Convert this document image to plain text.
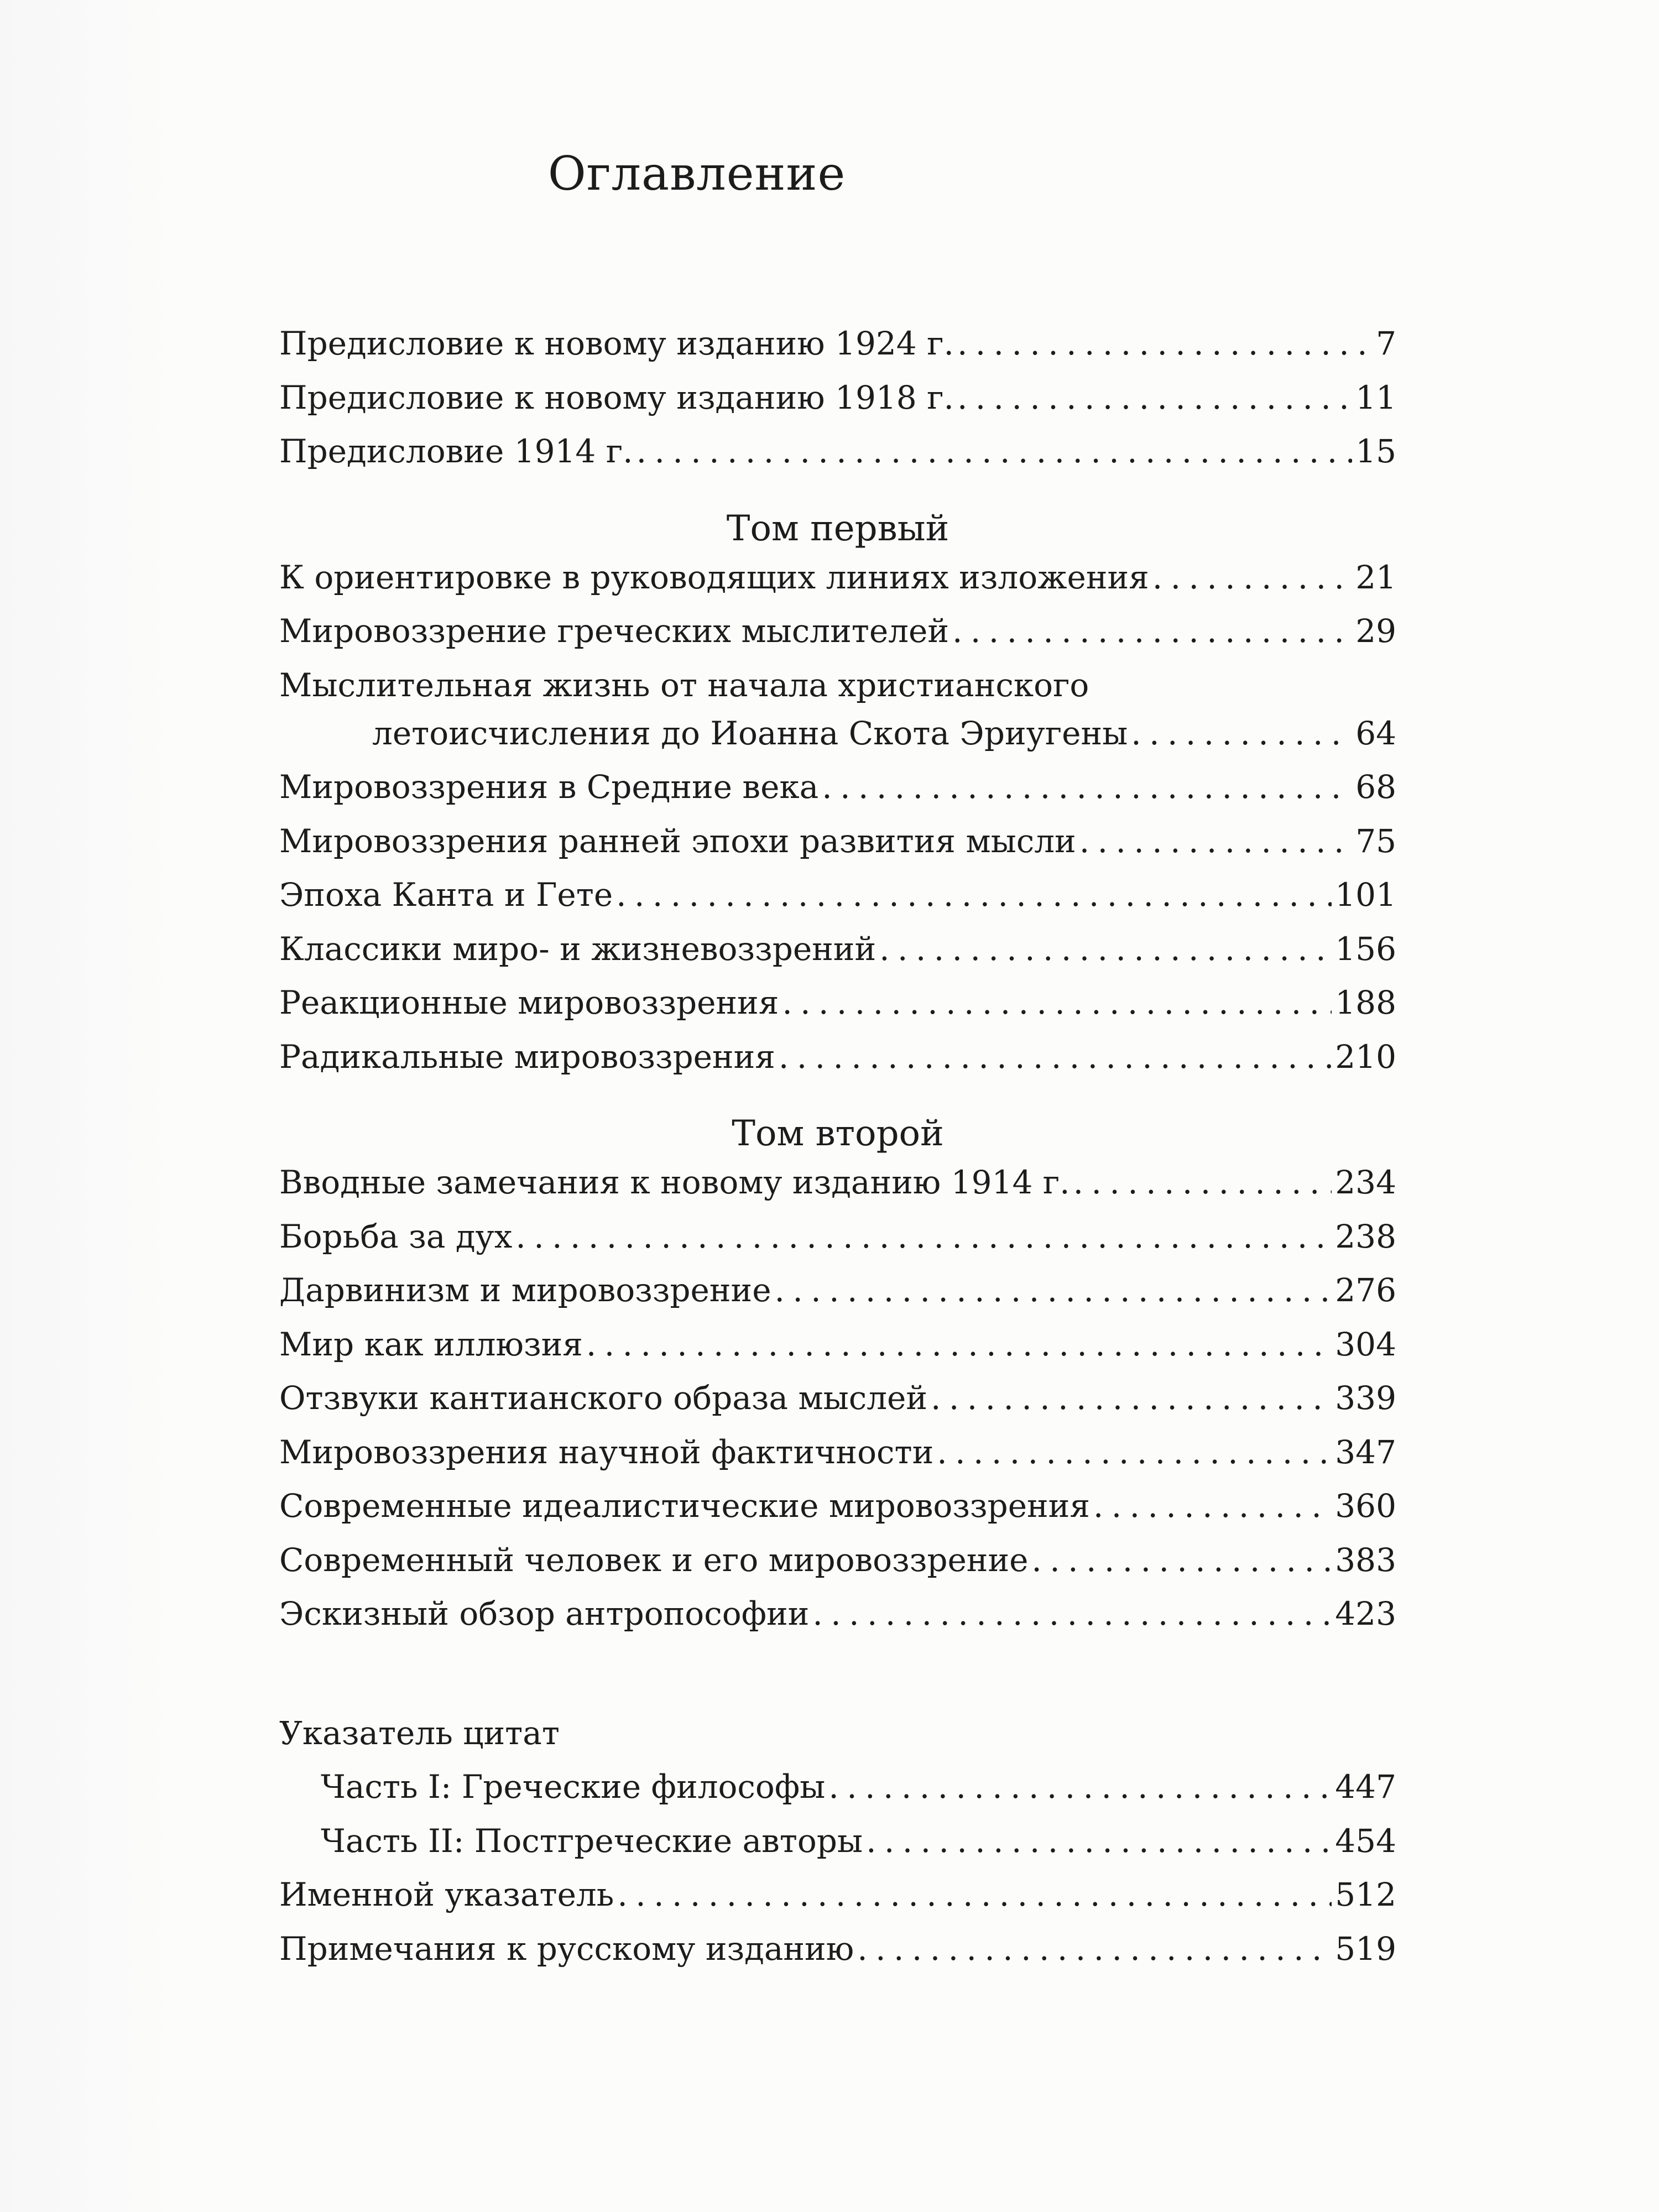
Оглавление
Предисловие к новому изданию 1924 г. . . .	7
Предисловие к новому изданию 1918 г. . . .	11
Предисловие 1914 г. . . .	15
Том первый
К ориентировке в руководящих линиях изложения . . .	21
Мировоззрение греческих мыслителей . . .	29
Мыслительная жизнь от начала христианского
летоисчисления до Иоанна Скота Эриугены . . .	64
Мировоззрения в Средние века . . .	68
Мировоззрения ранней эпохи развития мысли . . .	75
Эпоха Канта и Гете . . .	101
Классики миро- и жизневоззрений . . .	156
Реакционные мировоззрения . . .	188
Радикальные мировоззрения . . .	210
Том второй
Вводные замечания к новому изданию 1914 г. . . .	234
Борьба за дух . . .	238
Дарвинизм и мировоззрение . . .	276
Мир как иллюзия . . .	304
Отзвуки кантианского образа мыслей . . .	339
Мировоззрения научной фактичности . . .	347
Современные идеалистические мировоззрения . . .	360
Современный человек и его мировоззрение . . .	383
Эскизный обзор антропософии . . .	423
Указатель цитат
Часть I: Греческие философы . . .	447
Часть II: Постгреческие авторы . . .	454
Именной указатель . . .	512
Примечания к русскому изданию . . .	519
